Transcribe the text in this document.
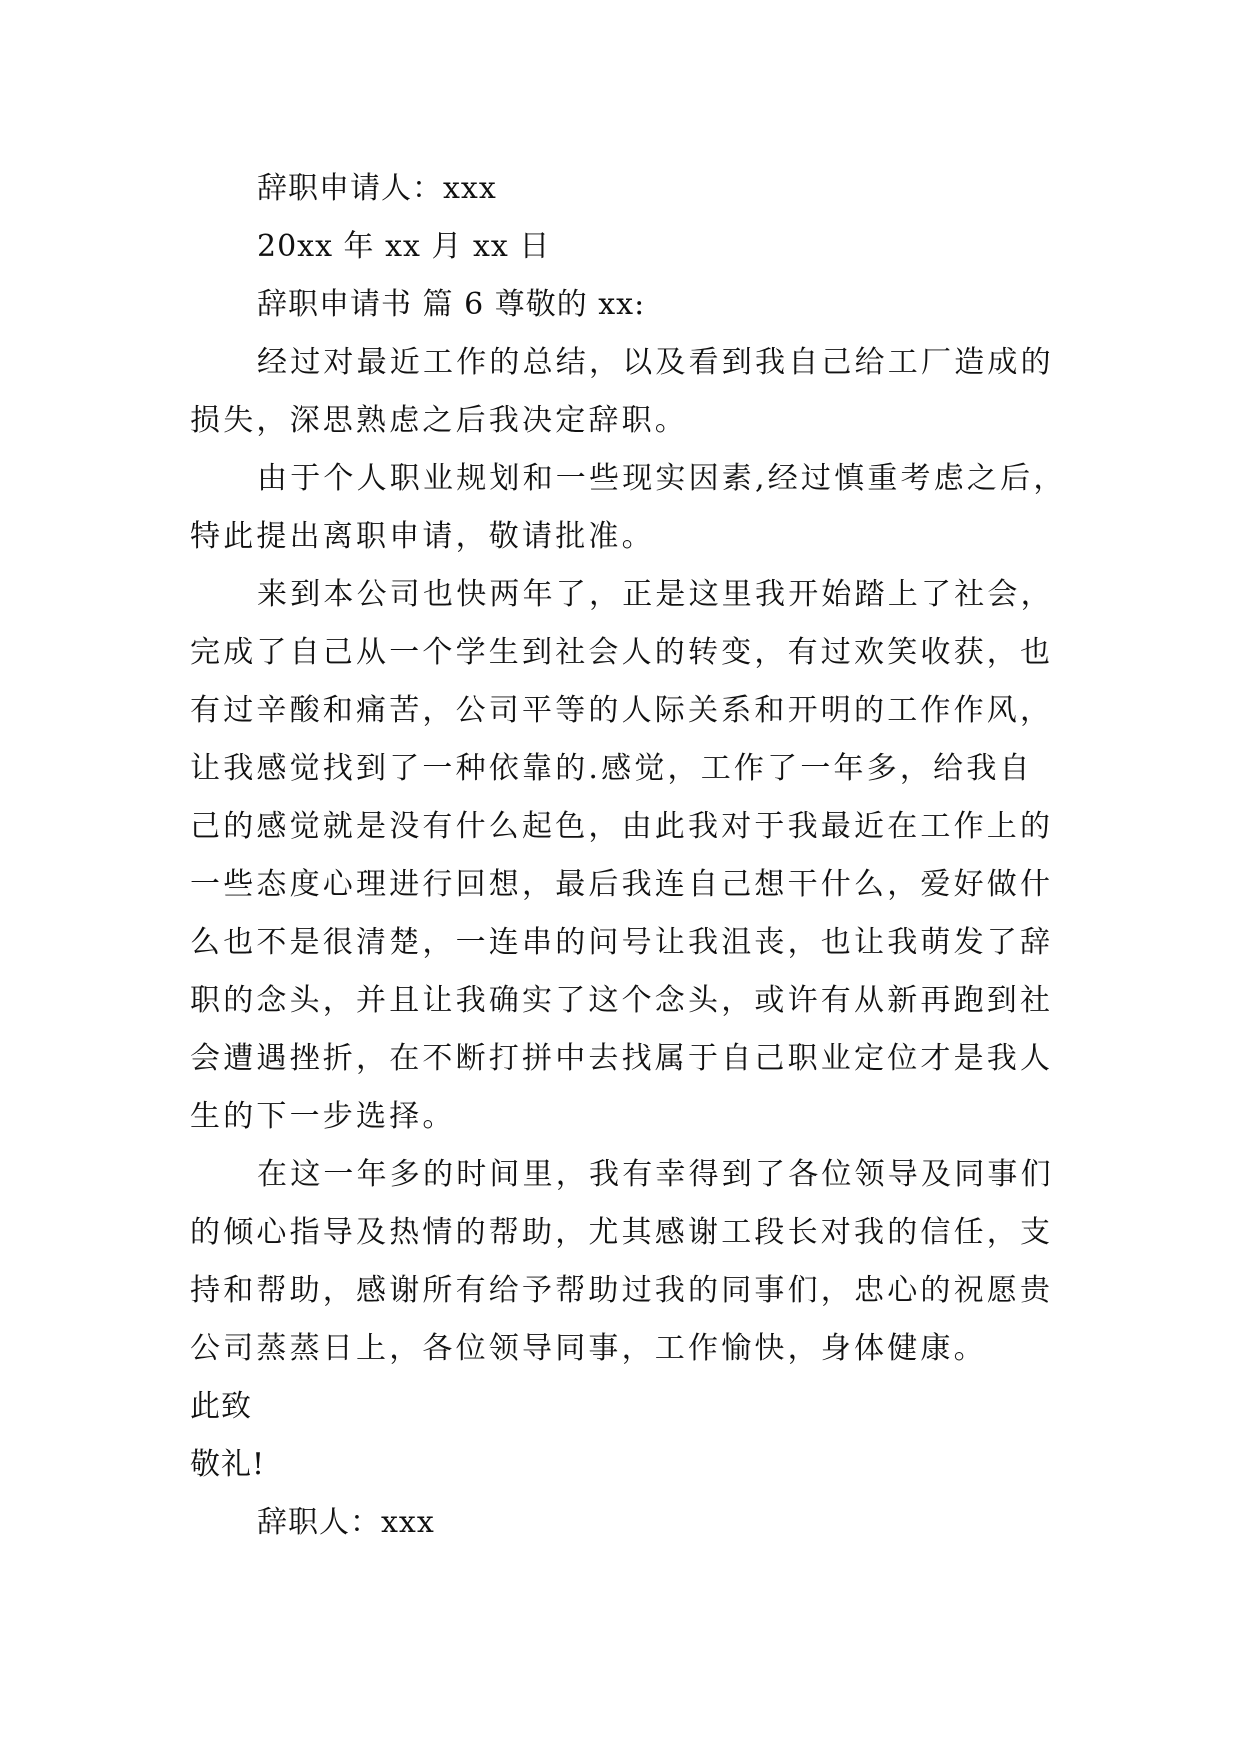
辞职申请人：xxx
20xx 年 xx 月 xx 日
辞职申请书 篇 6 尊敬的 xx:
经过对最近工作的总结，以及看到我自己给工厂造成的
损失，深思熟虑之后我决定辞职。
由于个人职业规划和一些现实因素,经过慎重考虑之后，
特此提出离职申请，敬请批准。
来到本公司也快两年了，正是这里我开始踏上了社会，
完成了自己从一个学生到社会人的转变，有过欢笑收获，也
有过辛酸和痛苦，公司平等的人际关系和开明的工作作风，
让我感觉找到了一种依靠的.感觉，工作了一年多，给我自
己的感觉就是没有什么起色，由此我对于我最近在工作上的
一些态度心理进行回想，最后我连自己想干什么，爱好做什
么也不是很清楚，一连串的问号让我沮丧，也让我萌发了辞
职的念头，并且让我确实了这个念头，或许有从新再跑到社
会遭遇挫折，在不断打拼中去找属于自己职业定位才是我人
生的下一步选择。
在这一年多的时间里，我有幸得到了各位领导及同事们
的倾心指导及热情的帮助，尤其感谢工段长对我的信任，支
持和帮助，感谢所有给予帮助过我的同事们，忠心的祝愿贵
公司蒸蒸日上，各位领导同事，工作愉快，身体健康。
此致
敬礼!
辞职人：xxx
